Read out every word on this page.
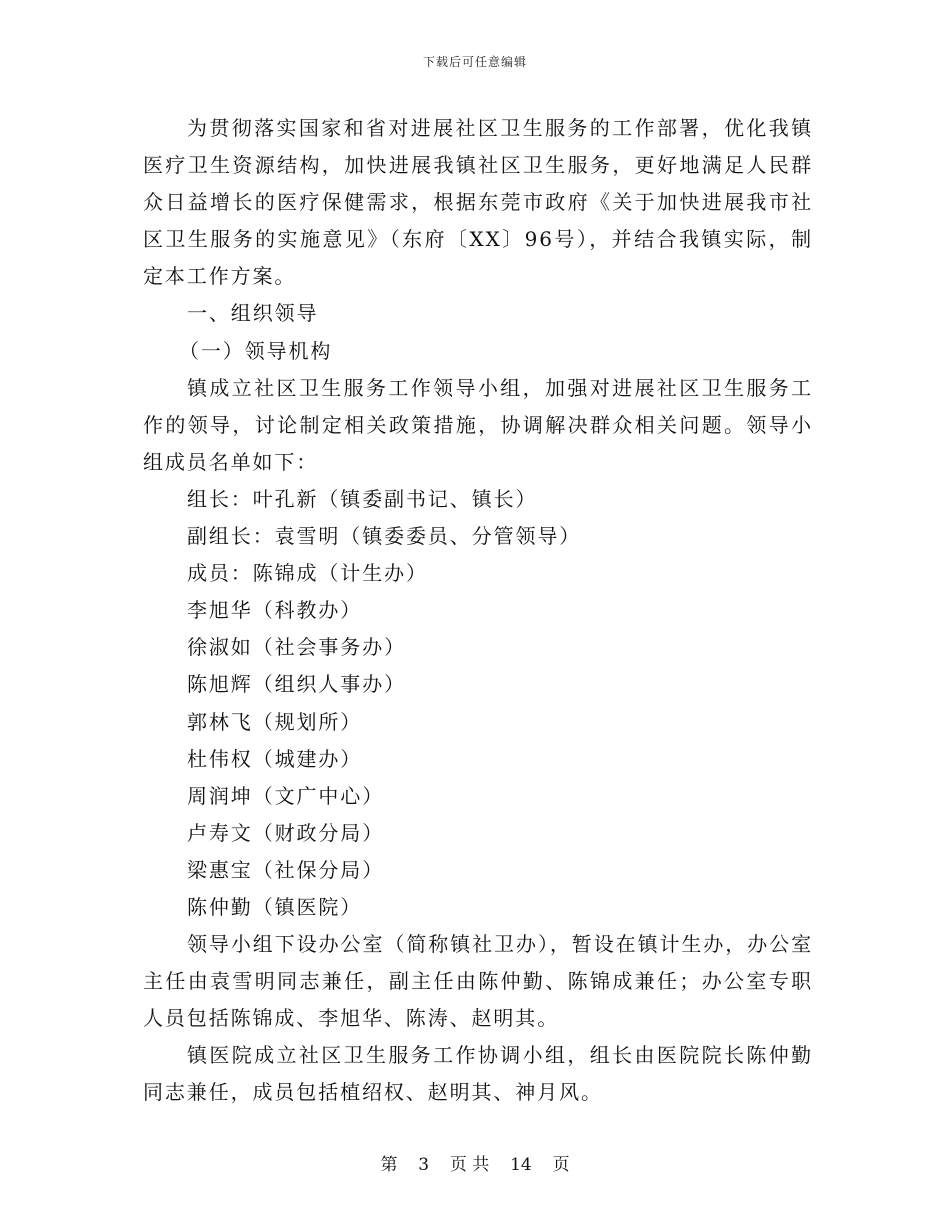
下载后可任意编辑

为贯彻落实国家和省对进展社区卫生服务的工作部署，优化我镇医疗卫生资源结构，加快进展我镇社区卫生服务，更好地满足人民群众日益增长的医疗保健需求，根据东莞市政府《关于加快进展我市社区卫生服务的实施意见》（东府〔XX〕96号），并结合我镇实际，制定本工作方案。

一、组织领导

（一）领导机构

镇成立社区卫生服务工作领导小组，加强对进展社区卫生服务工作的领导，讨论制定相关政策措施，协调解决群众相关问题。领导小组成员名单如下：

组长：叶孔新（镇委副书记、镇长）

副组长：袁雪明（镇委委员、分管领导）

成员：陈锦成（计生办）

李旭华（科教办）

徐淑如（社会事务办）

陈旭辉（组织人事办）

郭林飞（规划所）

杜伟权（城建办）

周润坤（文广中心）

卢寿文（财政分局）

梁惠宝（社保分局）

陈仲勤（镇医院）

领导小组下设办公室（简称镇社卫办），暂设在镇计生办，办公室主任由袁雪明同志兼任，副主任由陈仲勤、陈锦成兼任；办公室专职人员包括陈锦成、李旭华、陈涛、赵明其。

镇医院成立社区卫生服务工作协调小组，组长由医院院长陈仲勤同志兼任，成员包括植绍权、赵明其、神月风。

第 3 页 共 14 页
